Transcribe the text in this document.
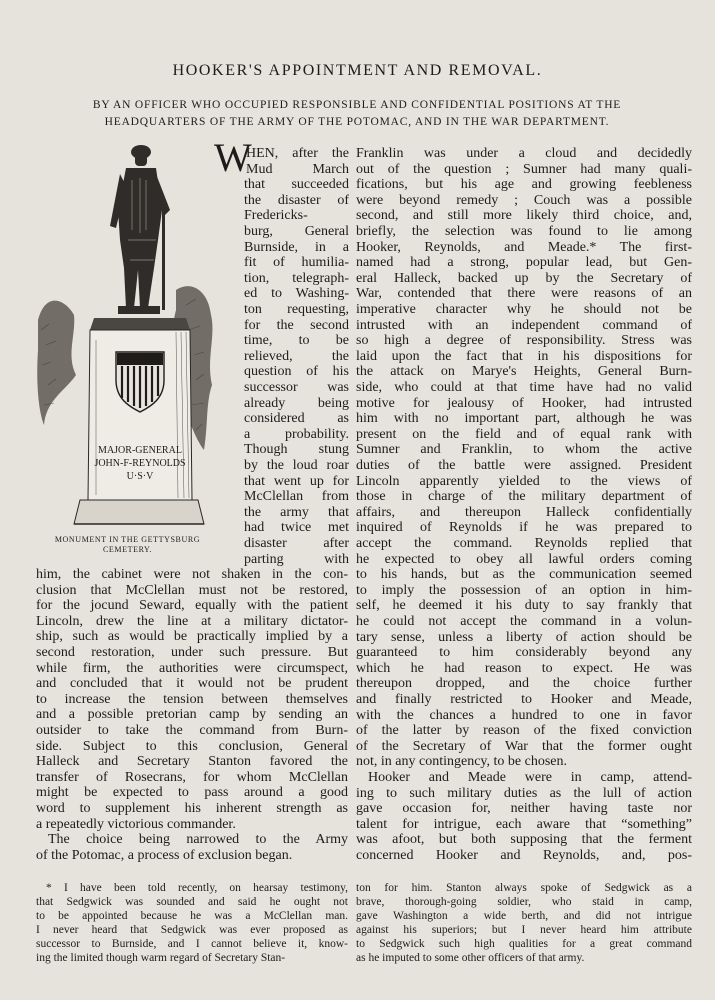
HOOKER'S APPOINTMENT AND REMOVAL.
BY AN OFFICER WHO OCCUPIED RESPONSIBLE AND CONFIDENTIAL POSITIONS AT THE
HEADQUARTERS OF THE ARMY OF THE POTOMAC, AND IN THE WAR DEPARTMENT.
MAJOR-GENERAL
JOHN-F-REYNOLDS
U·S·V
MONUMENT IN THE GETTYSBURG
CEMETERY.
W
HEN, after the
Mud March
that succeeded
the disaster of
Fredericks-
burg, General
Burnside, in a
fit of humilia-
tion, telegraph-
ed to Washing-
ton requesting,
for the second
time, to be
relieved, the
question of his
successor was
already being
considered as
a probability.
Though stung
by the loud roar
that went up for
McClellan from
the army that
had twice met
disaster after
parting with
him, the cabinet were not shaken in the con-
clusion that McClellan must not be restored,
for the jocund Seward, equally with the patient
Lincoln, drew the line at a military dictator-
ship, such as would be practically implied by a
second restoration, under such pressure. But
while firm, the authorities were circumspect,
and concluded that it would not be prudent
to increase the tension between themselves
and a possible pretorian camp by sending an
outsider to take the command from Burn-
side. Subject to this conclusion, General
Halleck and Secretary Stanton favored the
transfer of Rosecrans, for whom McClellan
might be expected to pass around a good
word to supplement his inherent strength as
a repeatedly victorious commander.
The choice being narrowed to the Army
of the Potomac, a process of exclusion began.
Franklin was under a cloud and decidedly
out of the question ; Sumner had many quali-
fications, but his age and growing feebleness
were beyond remedy ; Couch was a possible
second, and still more likely third choice, and,
briefly, the selection was found to lie among
Hooker, Reynolds, and Meade.* The first-
named had a strong, popular lead, but Gen-
eral Halleck, backed up by the Secretary of
War, contended that there were reasons of an
imperative character why he should not be
intrusted with an independent command of
so high a degree of responsibility. Stress was
laid upon the fact that in his dispositions for
the attack on Marye's Heights, General Burn-
side, who could at that time have had no valid
motive for jealousy of Hooker, had intrusted
him with no important part, although he was
present on the field and of equal rank with
Sumner and Franklin, to whom the active
duties of the battle were assigned. President
Lincoln apparently yielded to the views of
those in charge of the military department of
affairs, and thereupon Halleck confidentially
inquired of Reynolds if he was prepared to
accept the command. Reynolds replied that
he expected to obey all lawful orders coming
to his hands, but as the communication seemed
to imply the possession of an option in him-
self, he deemed it his duty to say frankly that
he could not accept the command in a volun-
tary sense, unless a liberty of action should be
guaranteed to him considerably beyond any
which he had reason to expect. He was
thereupon dropped, and the choice further
and finally restricted to Hooker and Meade,
with the chances a hundred to one in favor
of the latter by reason of the fixed conviction
of the Secretary of War that the former ought
not, in any contingency, to be chosen.
Hooker and Meade were in camp, attend-
ing to such military duties as the lull of action
gave occasion for, neither having taste nor
talent for intrigue, each aware that “something”
was afoot, but both supposing that the ferment
concerned Hooker and Reynolds, and, pos-
* I have been told recently, on hearsay testimony,
that Sedgwick was sounded and said he ought not
to be appointed because he was a McClellan man.
I never heard that Sedgwick was ever proposed as
successor to Burnside, and I cannot believe it, know-
ing the limited though warm regard of Secretary Stan-
ton for him. Stanton always spoke of Sedgwick as a
brave, thorough-going soldier, who staid in camp,
gave Washington a wide berth, and did not intrigue
against his superiors; but I never heard him attribute
to Sedgwick such high qualities for a great command
as he imputed to some other officers of that army.
